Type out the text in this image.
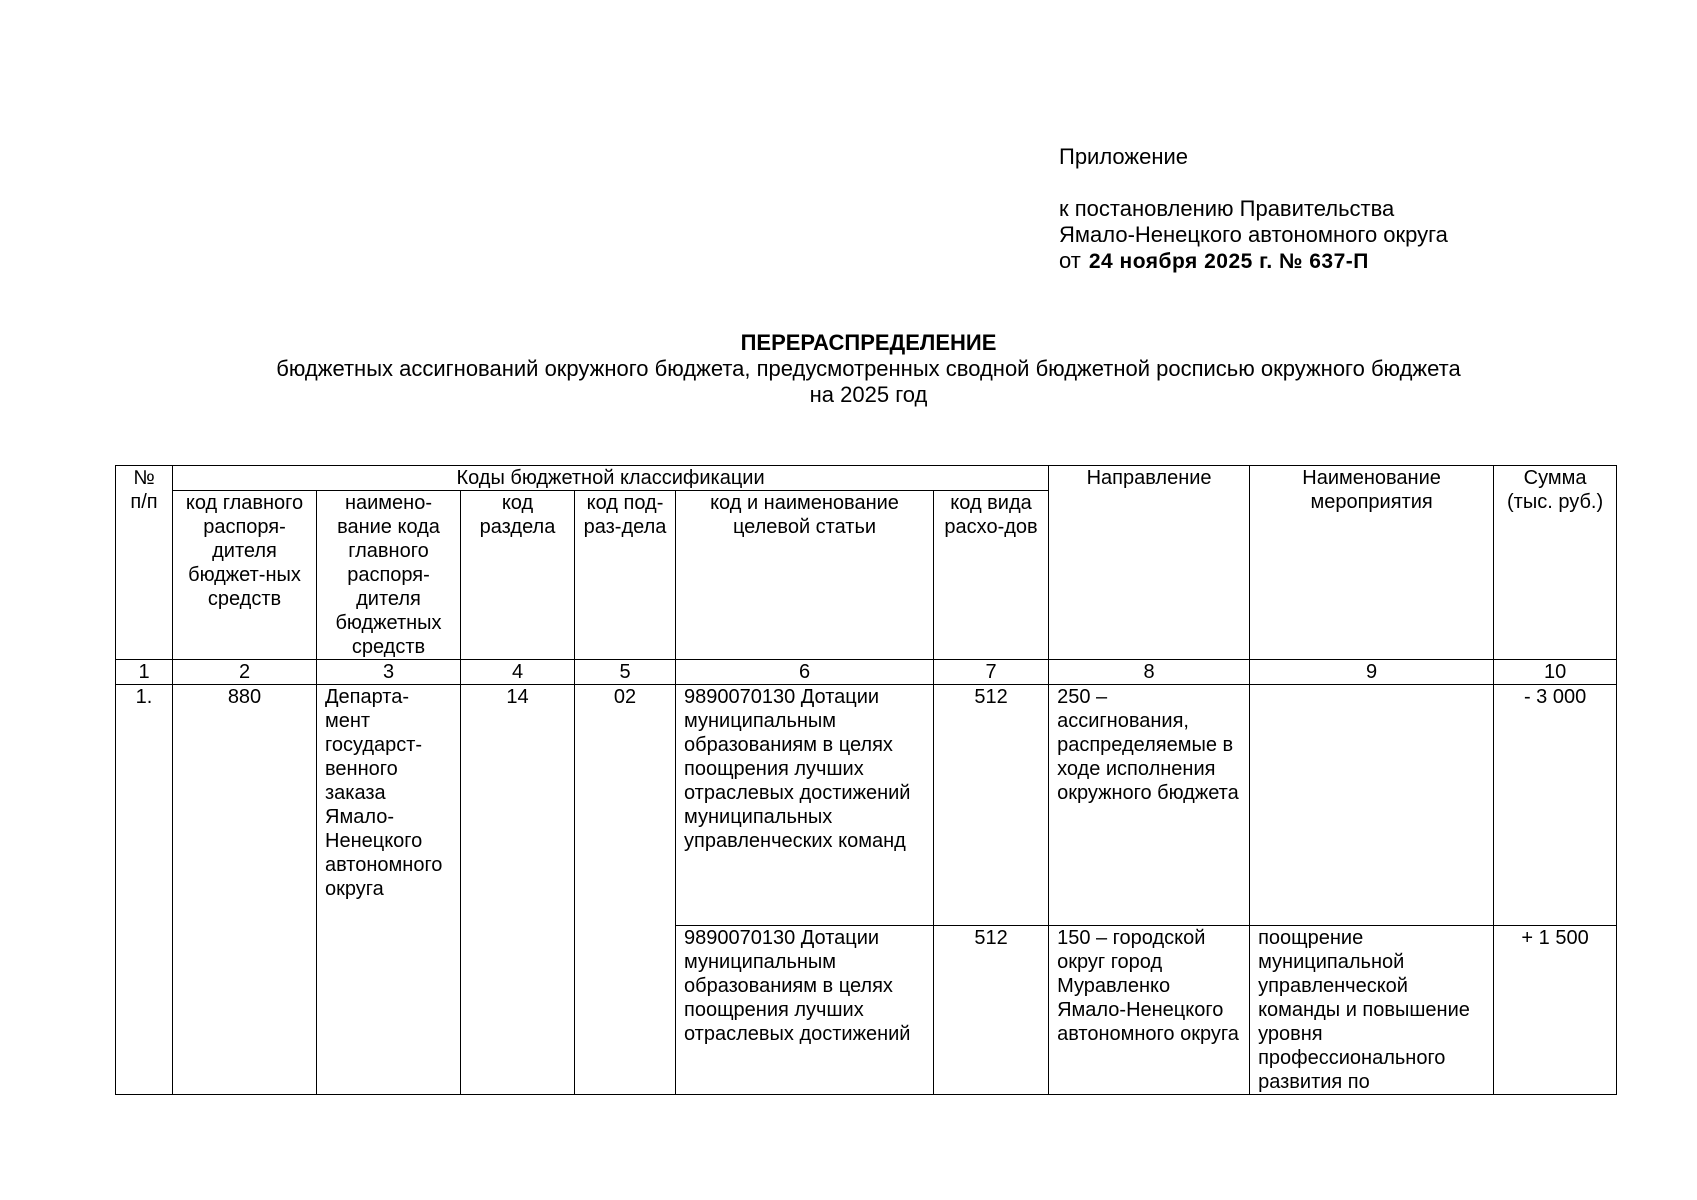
Приложение
к постановлению Правительства
Ямало-Ненецкого автономного округа
от 24 ноября 2025 г. № 637-П
ПЕРЕРАСПРЕДЕЛЕНИЕ
бюджетных ассигнований окружного бюджета, предусмотренных сводной бюджетной росписью окружного бюджета
на 2025 год
№ п/п	Коды бюджетной классификации						Направление	Наименование мероприятия	Сумма (тыс. руб.)
	код главного распоря-дителя бюджет-ных средств	наимено-вание кода главного распоря-дителя бюджетных средств	код раздела	код под-раз-дела	код и наименование целевой статьи	код вида расхо-дов			
1	2	3	4	5	6	7	8	9	10
1.	880	Департа-мент государст-венного заказа Ямало-Ненецкого автономного округа	14	02	9890070130 Дотации муниципальным образованиям в целях поощрения лучших отраслевых достижений муниципальных управленческих команд	512	250 – ассигнования, распределяемые в ходе исполнения окружного бюджета		- 3 000
					9890070130 Дотации муниципальным образованиям в целях поощрения лучших отраслевых достижений	512	150 – городской округ город Муравленко Ямало-Ненецкого автономного округа	поощрение муниципальной управленческой команды и повышение уровня профессионального развития по	+ 1 500
